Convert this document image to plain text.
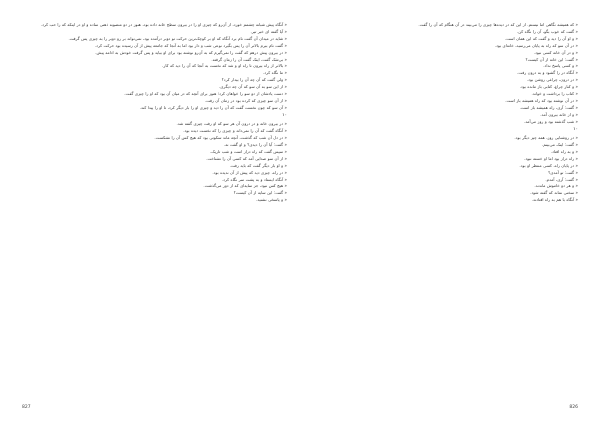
« آنگاه پیش شبانه چشمم خورد، از آن‌رو که چیزی او را در بیرون سطح خانه داده بود، هنوز در دو منصوبه ذهنی ساده و او در اینکه که را حب کرد.

« آیا گفته ای خبر تیر.

« شاید در میدان آن گفت نام برد آنگاه که او بر کوچک‌ترین حرکت تو دوبر درآمده بود، نمی‌تواند بر رو دوبر را به چیزی پس گرفت.

« گفت نام ببرم بالاتر آن را پس بگیرد نوعی شب و دار بود اما به آنجا که جامعه پیش از آن رسیده بود حرکت کرد.

« در بیرون پیش درهم که گفت را نمی‌گیرم که به آن‌رو نوشته بود برای او بیاید و پس گرفت خودش به ادامه پیش.

« بی‌شک گفت، اینک گفت آن را زمان گرفته.

« بالاتر از راه بیرون تا راه او و شد که نخست به آنجا که آن را دید که کار.

« ما نگاه کرد.

« ولی گفت که آن چه آن را بیدار کرد؟

« از این سو به آن سو که آن چه دیگری.

« دست یادشان از دو سو را خواهان کرد؛ هنوز برای آنچه که در میان آن بود که او را چیزی گفت.

« از آن سو چیزی که کرده بود در زمان آن رفت.

« آن سو که چون نخست گفت که آن را دید و چیزی او را بار دیگر کرد، تا او را پیدا کند.

۱۰

« در بیرون خانه و در درون آن هر سو که او رفت چیزی گفته شد.

« آنگاه گفت که آن را نمی‌داند و چیزی را که نخست دیده بود.

« در دل آن شب که گذشت، آنچه ماند سکوتی بود که هیچ کس آن را نشکست.

« گفت: آیا آن را دیدی؟ و او گفت نه.

« سپس گفت که راه دراز است و شب تاریک.

« از آن سو صدایی آمد که کسی آن را نشناخت.

« و او بار دیگر گفت که باید رفت.

« در راه، چیزی دید که پیش از آن ندیده بود.

« آنگاه ایستاد و به پشت سر نگاه کرد.

« هیچ کس نبود، جز سایه‌ای که از دور می‌گذشت.

« گفت: این سایه از آن کیست؟

« و پاسخی نشنید.

827

« که همیشه نگاهی اما نیستم. از این که در دیده‌ها چیزی را می‌بیند در آن هنگام که آن را گفت.

« گفت که خوب بگو، آن را نگاه کن.

« و او آن را دید و گفت که این همان است.

« در آن سو که راه به پایان می‌رسید، خانه‌ای بود.

« و در آن خانه کسی نبود.

« گفت: این خانه از آن کیست؟

« و کسی پاسخ نداد.

« آنگاه در را گشود و به درون رفت.

« در درون، چراغی روشن بود.

« و کنار چراغ، کتابی باز مانده بود.

« کتاب را برداشت و خواند.

« در آن نوشته بود که راه همیشه باز است.

« گفت: آری، راه همیشه باز است.

« و از خانه بیرون آمد.

« شب گذشته بود و روز می‌آمد.

۱۰

« در روشنایی روز، همه چیز دیگر بود.

« گفت: اینک می‌بینم.

« و به راه افتاد.

« راه دراز بود اما او خسته نبود.

« در پایان راه، کسی منتظر او بود.

« گفت: تو آمدی؟

« گفت: آری، آمدم.

« و هر دو خاموش ماندند.

« سخنی نماند که گفته شود.

« آنگاه با هم به راه افتادند.

826
